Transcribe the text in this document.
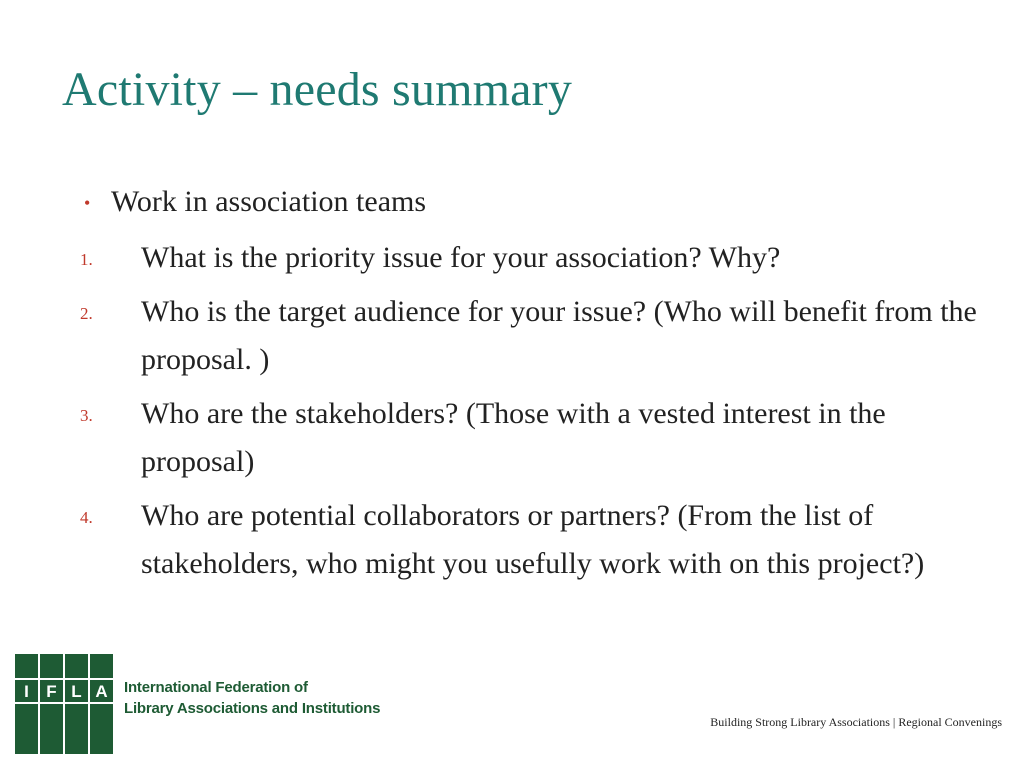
Activity – needs summary
• Work in association teams
1. What is the priority issue for your association? Why?
2. Who is the target audience for your issue? (Who will benefit from the proposal. )
3. Who are the stakeholders? (Those with a vested interest in the proposal)
4. Who are potential collaborators or partners? (From the list of stakeholders, who might you usefully work with on this project?)
I F L A International Federation of
Library Associations and Institutions
Building Strong Library Associations | Regional Convenings
